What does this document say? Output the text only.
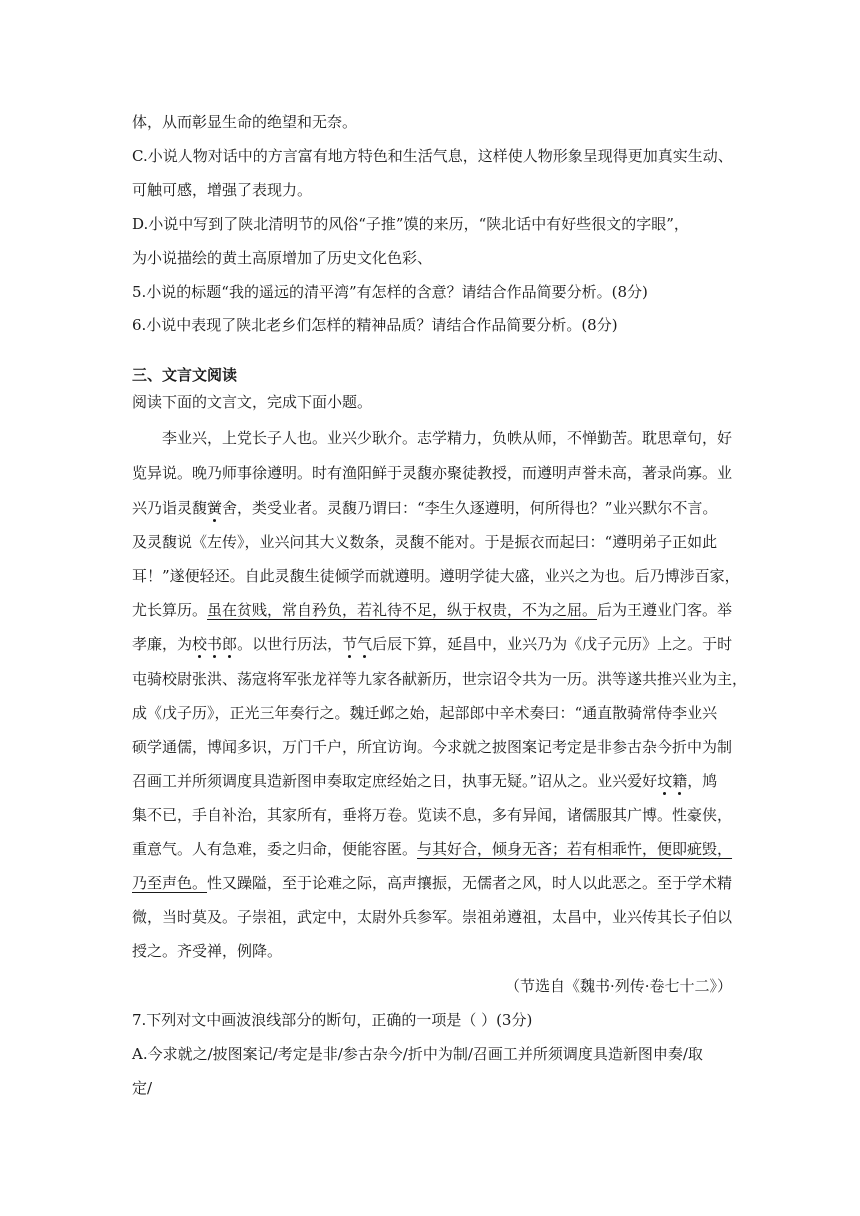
体，从而彰显生命的绝望和无奈。
C.小说人物对话中的方言富有地方特色和生活气息，这样使人物形象呈现得更加真实生动、
可触可感，增强了表现力。
D.小说中写到了陕北清明节的风俗“子推”馍的来历，“陕北话中有好些很文的字眼”，
为小说描绘的黄土高原增加了历史文化色彩、
5.小说的标题“我的遥远的清平湾”有怎样的含意？请结合作品简要分析。(8分)
6.小说中表现了陕北老乡们怎样的精神品质？请结合作品简要分析。(8分)
三、文言文阅读
阅读下面的文言文，完成下面小题。
李业兴，上党长子人也。业兴少耿介。志学精力，负帙从师，不惮勤苦。耽思章句，好
览异说。晚乃师事徐遵明。时有渔阳鲜于灵馥亦聚徒教授，而遵明声誉未高，著录尚寡。业
兴乃诣灵馥黉舍，类受业者。灵馥乃谓曰：“李生久逐遵明，何所得也？”业兴默尔不言。
及灵馥说《左传》，业兴问其大义数条，灵馥不能对。于是振衣而起曰：“遵明弟子正如此
耳！”遂便轻还。自此灵馥生徒倾学而就遵明。遵明学徒大盛，业兴之为也。后乃博涉百家，
尤长算历。虽在贫贱，常自矜负，若礼待不足，纵于权贵，不为之屈。后为王遵业门客。举
孝廉，为校书郎。以世行历法，节气后辰下算，延昌中，业兴乃为《戊子元历》上之。于时
屯骑校尉张洪、荡寇将军张龙祥等九家各献新历，世宗诏令共为一历。洪等遂共推兴业为主，
成《戊子历》，正光三年奏行之。魏迁邺之始，起部郎中辛术奏曰：“通直散骑常侍李业兴
硕学通儒，博闻多识，万门千户，所宜访询。今求就之披图案记考定是非参古杂今折中为制
召画工并所须调度具造新图申奏取定庶经始之日，执事无疑。”诏从之。业兴爱好坟籍，鸠
集不已，手自补治，其家所有，垂将万卷。览读不息，多有异闻，诸儒服其广博。性豪侠，
重意气。人有急难，委之归命，便能容匿。与其好合，倾身无吝；若有相乖忤，便即疵毁，
乃至声色。性又躁隘，至于论难之际，高声攘振，无儒者之风，时人以此恶之。至于学术精
微，当时莫及。子崇祖，武定中，太尉外兵参军。崇祖弟遵祖，太昌中，业兴传其长子伯以
授之。齐受禅，例降。
（节选自《魏书·列传·卷七十二》）
7.下列对文中画波浪线部分的断句，正确的一项是（ ）(3分)
A.今求就之/披图案记/考定是非/参古杂今/折中为制/召画工并所须调度具造新图申奏/取
定/
